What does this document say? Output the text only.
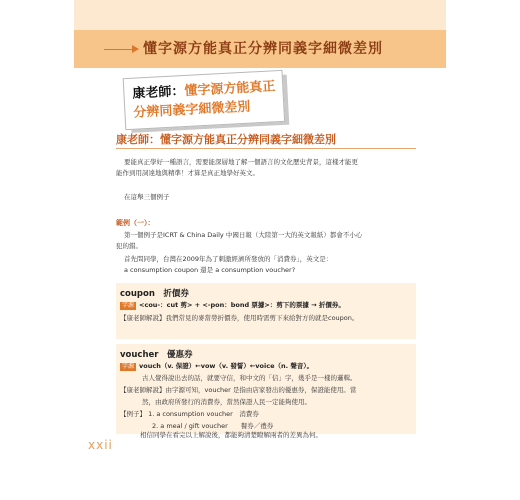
懂字源方能真正分辨同義字細微差別
康老師：懂字源方能真正
分辨同義字細微差別
康老師：懂字源方能真正分辨同義字細微差別
要能真正學好一種語言，需要能深層地了解一個語言的文化歷史背景，這樣才能更
能作到用詞達地與精準！才算是真正地學好英文。
在這舉三個例子
範例（一）：
第一個例子是ICRT & China Daily 中國日報（大陸第一大的英文報紙）都會不小心
犯的錯。
首先問同學，台灣在2009年為了刺激經濟所發放的「消費券」，英文是：
a consumption coupon 還是 a consumption voucher?
coupon　折價券
字源 <cou-：cut 剪> + <-pon：bond 票據>：剪下的票據 → 折價券。
【康老師解說】我們常見的麥當勞折價券，使用時需剪下來給對方的就是coupon。
voucher　優惠券
字源 vouch（v. 保證）←vow（v. 發誓）←voice（n. 聲音）。
古人覺得說出去的話，就要守信，和中文的「信」字，幾乎是一樣的邏輯。
【康老師解說】由字源可知，voucher 是指由店家發出的優惠券，保證能使用。當
然，由政府所發行的消費券，當然保證人民一定能夠使用。
【例子】 1. a consumption voucher　消費券
2. a meal / gift voucher　　餐券／禮券
相信同學在看完以上解說後，都能夠清楚瞭解兩者的差異為何。
xxii
